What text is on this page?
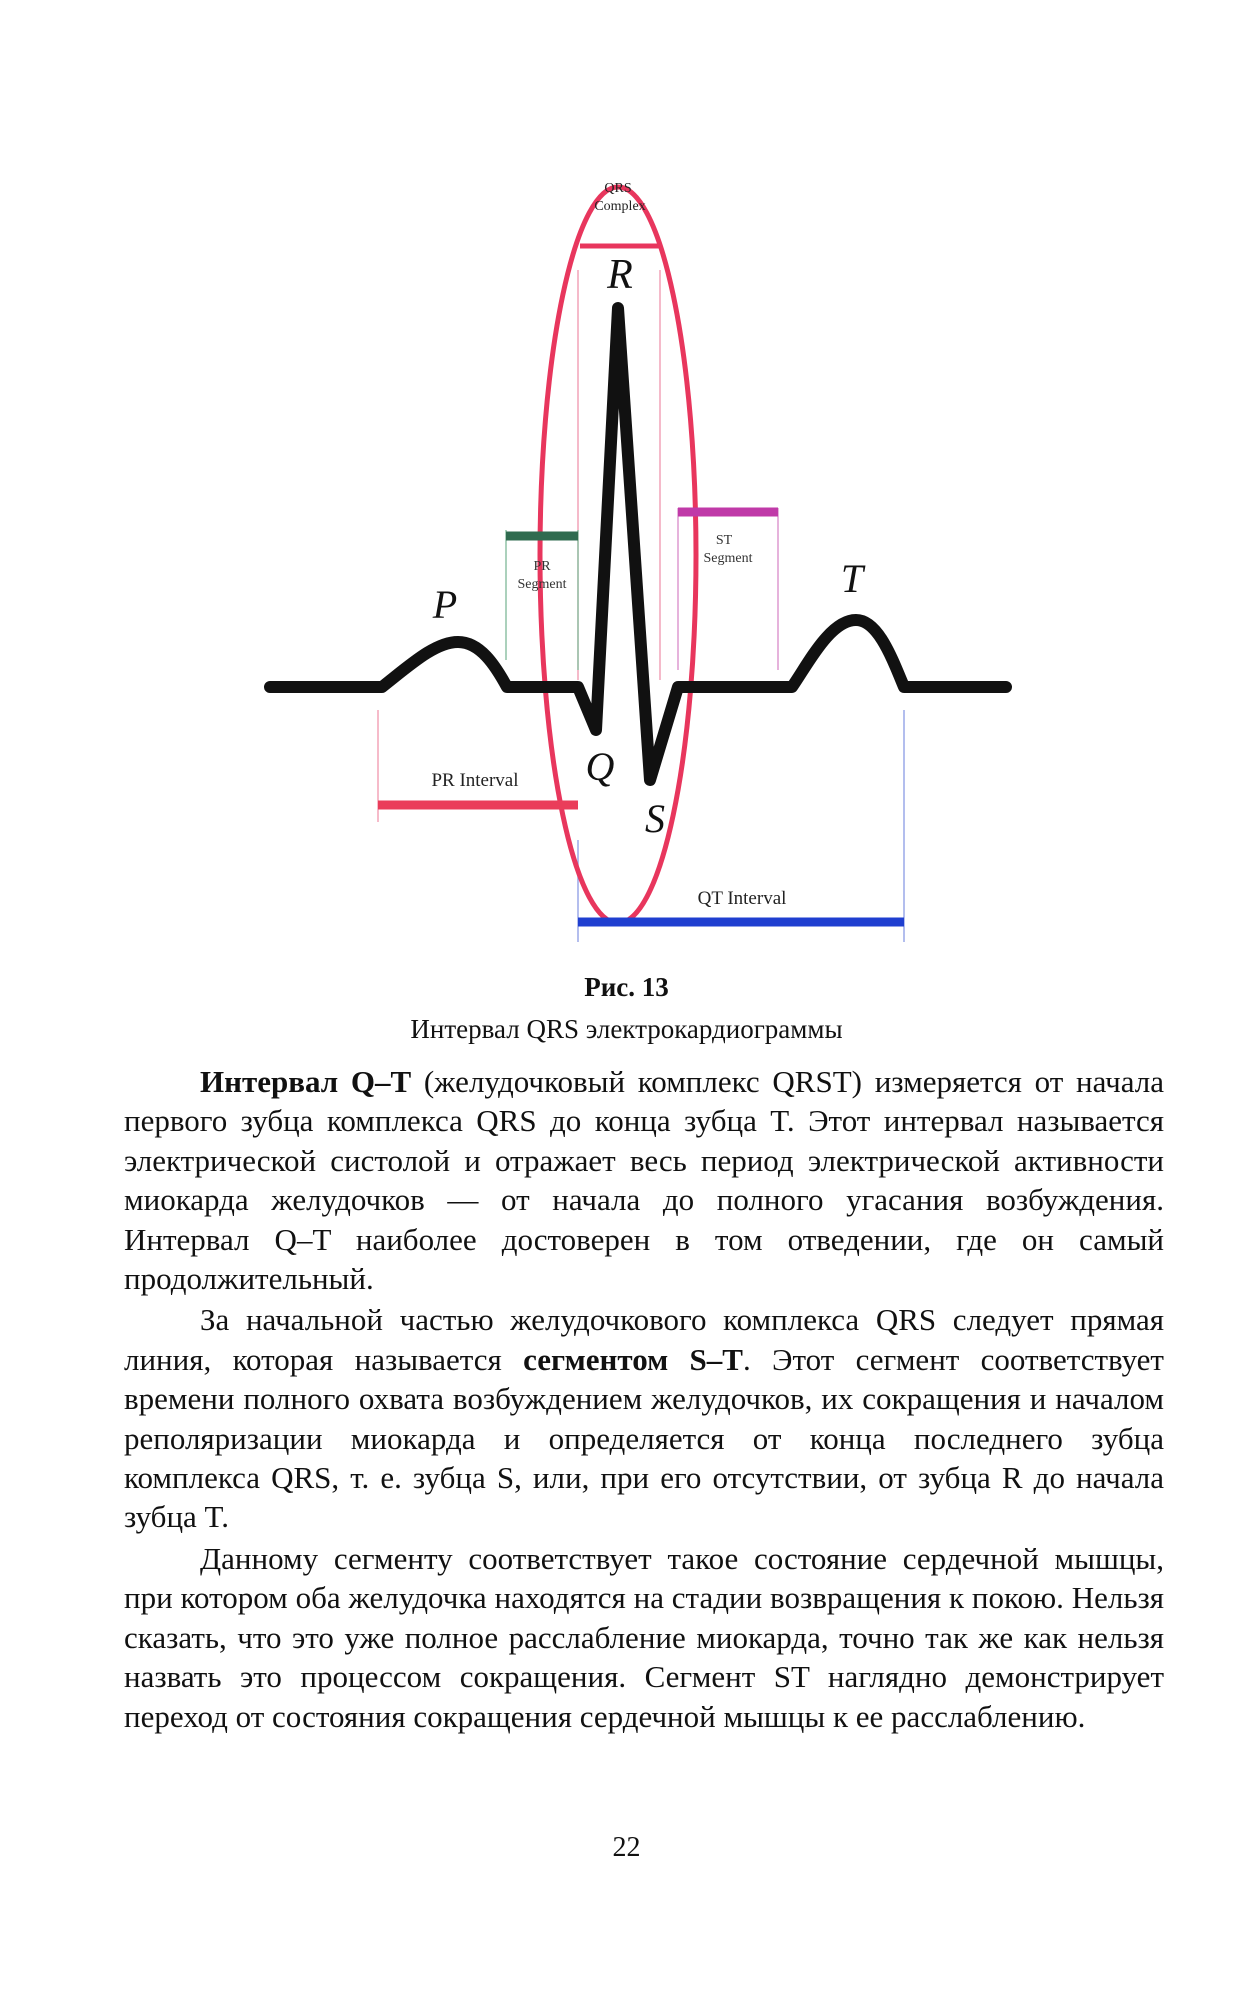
QRS
Complex
PR
Segment
ST
Segment
PR Interval
QT Interval
P
R
Q
S
T
Рис. 13
Интервал QRS электрокардиограммы

Интервал Q–T (желудочковый комплекс QRST) измеряется от начала первого зубца комплекса QRS до конца зубца T. Этот интервал называется электрической систолой и отражает весь период электрической активности миокарда желудочков — от начала до полного угасания возбуждения. Интервал Q–T наиболее достоверен в том отведении, где он самый продолжительный.

За начальной частью желудочкового комплекса QRS следует прямая линия, которая называется сегментом S–T. Этот сегмент соответствует времени полного охвата возбуждением желудочков, их сокращения и началом реполяризации миокарда и определяется от конца последнего зубца комплекса QRS, т. е. зубца S, или, при его отсутствии, от зубца R до начала зубца T.

Данному сегменту соответствует такое состояние сердечной мышцы, при котором оба желудочка находятся на стадии возвращения к покою. Нельзя сказать, что это уже полное расслабление миокарда, точно так же как нельзя назвать это процессом сокращения. Сегмент ST наглядно демонстрирует переход от состояния сокращения сердечной мышцы к ее расслаблению.

22
